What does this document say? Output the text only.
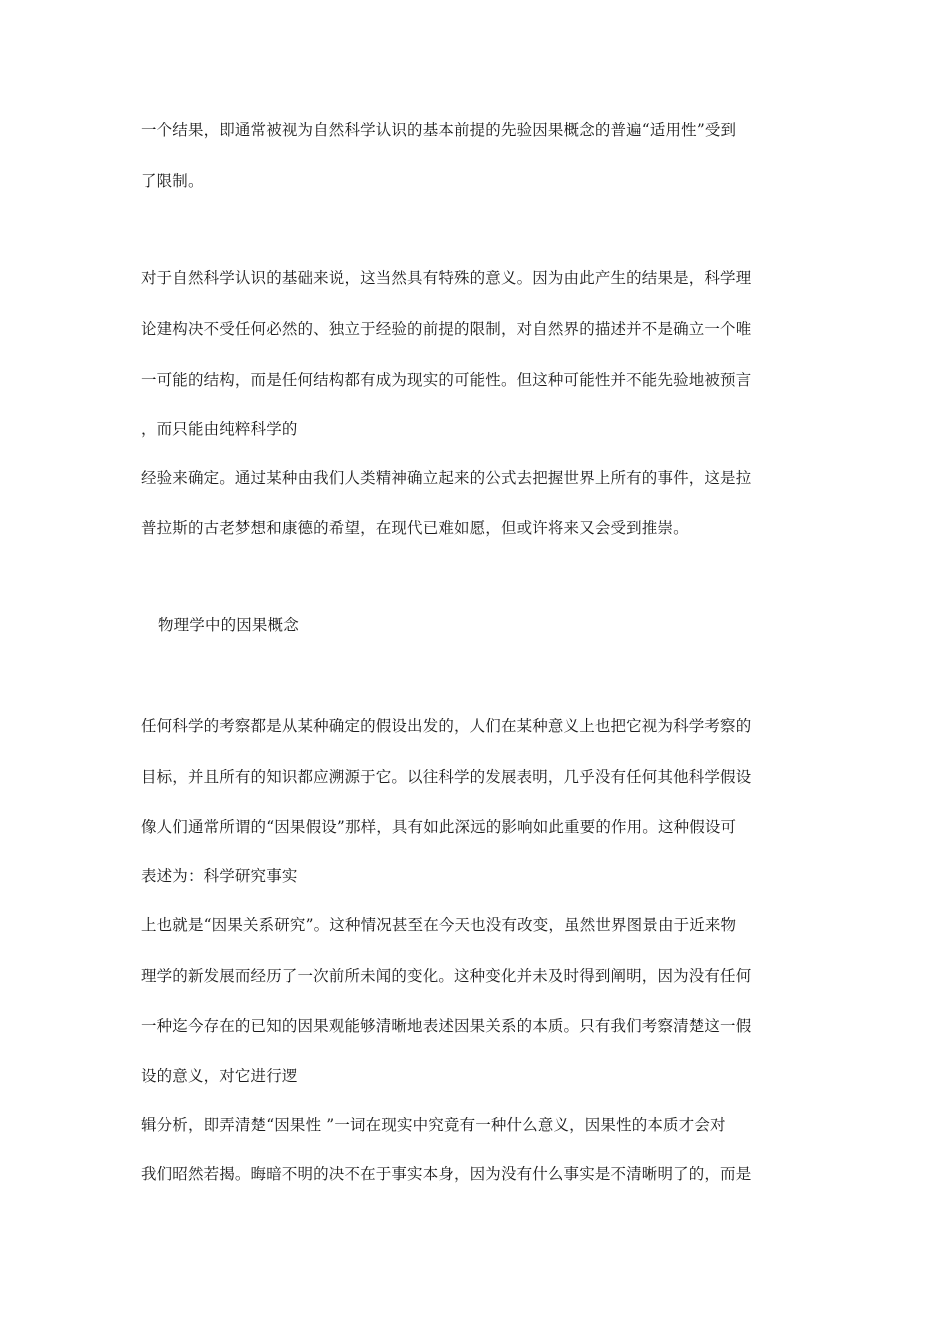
一个结果，即通常被视为自然科学认识的基本前提的先验因果概念的普遍“适用性”受到
了限制。
对于自然科学认识的基础来说，这当然具有特殊的意义。因为由此产生的结果是，科学理
论建构决不受任何必然的、独立于经验的前提的限制，对自然界的描述并不是确立一个唯
一可能的结构，而是任何结构都有成为现实的可能性。但这种可能性并不能先验地被预言
，而只能由纯粹科学的
经验来确定。通过某种由我们人类精神确立起来的公式去把握世界上所有的事件，这是拉
普拉斯的古老梦想和康德的希望，在现代已难如愿，但或许将来又会受到推崇。
物理学中的因果概念
任何科学的考察都是从某种确定的假设出发的，人们在某种意义上也把它视为科学考察的
目标，并且所有的知识都应溯源于它。以往科学的发展表明，几乎没有任何其他科学假设
像人们通常所谓的“因果假设”那样，具有如此深远的影响如此重要的作用。这种假设可
表述为：科学研究事实
上也就是“因果关系研究”。这种情况甚至在今天也没有改变，虽然世界图景由于近来物
理学的新发展而经历了一次前所未闻的变化。这种变化并未及时得到阐明，因为没有任何
一种迄今存在的已知的因果观能够清晰地表述因果关系的本质。只有我们考察清楚这一假
设的意义，对它进行逻
辑分析，即弄清楚“因果性 ”一词在现实中究竟有一种什么意义，因果性的本质才会对
我们昭然若揭。晦暗不明的决不在于事实本身，因为没有什么事实是不清晰明了的，而是
